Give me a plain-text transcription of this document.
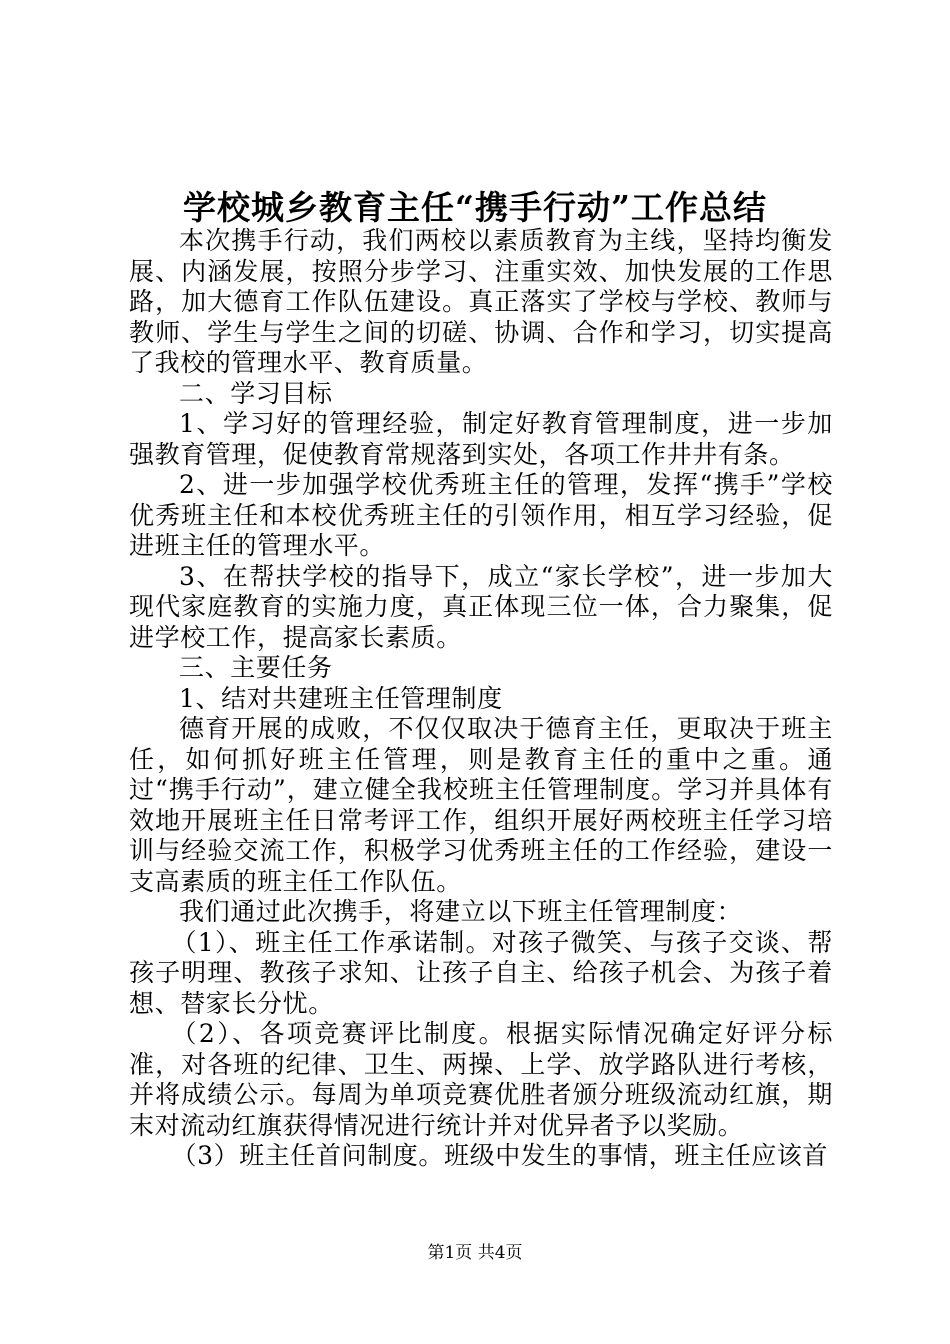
学校城乡教育主任“携手行动”工作总结

本次携手行动，我们两校以素质教育为主线，坚持均衡发展、内涵发展，按照分步学习、注重实效、加快发展的工作思路，加大德育工作队伍建设。真正落实了学校与学校、教师与教师、学生与学生之间的切磋、协调、合作和学习，切实提高了我校的管理水平、教育质量。

二、学习目标

1、学习好的管理经验，制定好教育管理制度，进一步加强教育管理，促使教育常规落到实处，各项工作井井有条。

2、进一步加强学校优秀班主任的管理，发挥“携手”学校优秀班主任和本校优秀班主任的引领作用，相互学习经验，促进班主任的管理水平。

3、在帮扶学校的指导下，成立“家长学校”，进一步加大现代家庭教育的实施力度，真正体现三位一体，合力聚集，促进学校工作，提高家长素质。

三、主要任务

1、结对共建班主任管理制度

德育开展的成败，不仅仅取决于德育主任，更取决于班主任，如何抓好班主任管理，则是教育主任的重中之重。通过“携手行动”，建立健全我校班主任管理制度。学习并具体有效地开展班主任日常考评工作，组织开展好两校班主任学习培训与经验交流工作，积极学习优秀班主任的工作经验，建设一支高素质的班主任工作队伍。

我们通过此次携手，将建立以下班主任管理制度：

（1）、班主任工作承诺制。对孩子微笑、与孩子交谈、帮孩子明理、教孩子求知、让孩子自主、给孩子机会、为孩子着想、替家长分忧。

（2）、各项竞赛评比制度。根据实际情况确定好评分标准，对各班的纪律、卫生、两操、上学、放学路队进行考核，并将成绩公示。每周为单项竞赛优胜者颁分班级流动红旗，期末对流动红旗获得情况进行统计并对优异者予以奖励。

（3）班主任首问制度。班级中发生的事情，班主任应该首

第1页 共4页
